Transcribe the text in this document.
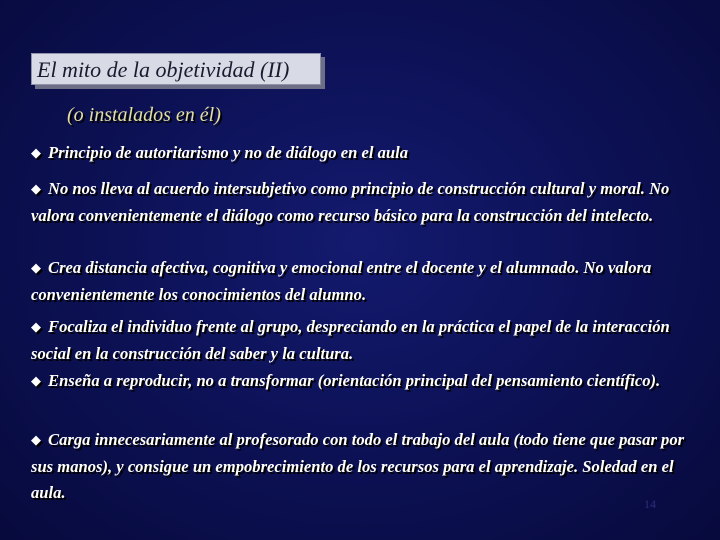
El mito de la objetividad (II)
(o instalados en él)
◆ Principio de autoritarismo y no de diálogo en el aula
◆ No nos lleva al acuerdo intersubjetivo como principio de construcción cultural y moral. No valora convenientemente el diálogo como recurso básico para la construcción del intelecto.
◆ Crea distancia afectiva, cognitiva y emocional entre el docente y el alumnado. No valora convenientemente los conocimientos del alumno.
◆ Focaliza el individuo frente al grupo, despreciando en la práctica el papel de la interacción social en la construcción del saber y la cultura.
◆ Enseña a reproducir, no a transformar (orientación principal del pensamiento científico).
◆ Carga innecesariamente al profesorado con todo el trabajo del aula (todo tiene que pasar por sus manos), y consigue un empobrecimiento de los recursos para el aprendizaje. Soledad en el aula.
14
